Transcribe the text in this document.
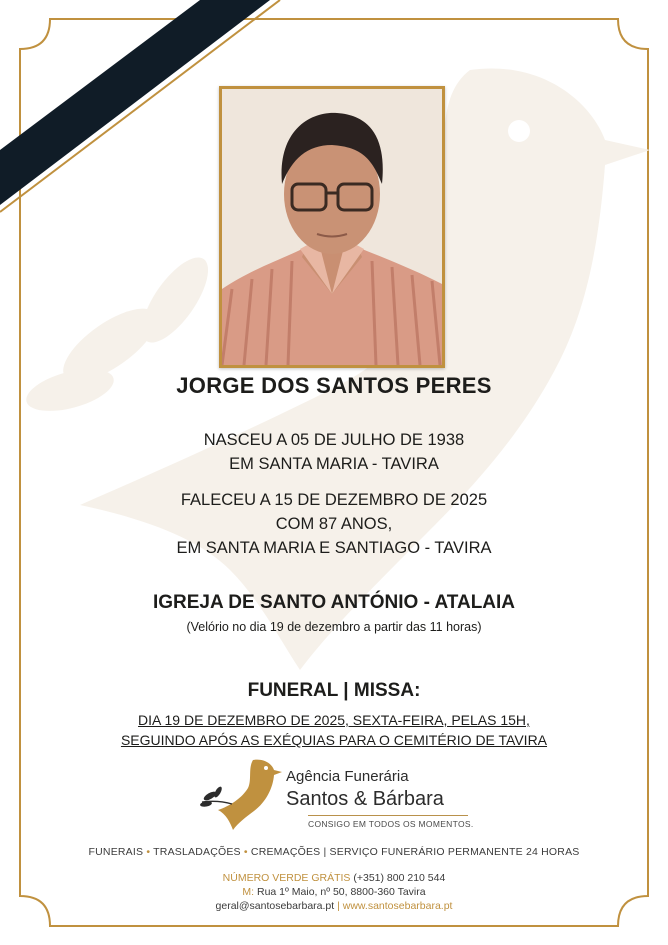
JORGE DOS SANTOS PERES
NASCEU A 05 DE JULHO DE 1938
EM SANTA MARIA - TAVIRA
FALECEU A 15 DE DEZEMBRO DE 2025
COM 87 ANOS,
EM SANTA MARIA E SANTIAGO - TAVIRA
IGREJA DE SANTO ANTÓNIO - ATALAIA
(Velório no dia 19 de dezembro a partir das 11 horas)
FUNERAL | MISSA:
DIA 19 DE DEZEMBRO DE 2025, SEXTA-FEIRA, PELAS 15H,
SEGUINDO APÓS AS EXÉQUIAS PARA O CEMITÉRIO DE TAVIRA
Agência Funerária
Santos & Bárbara
CONSIGO EM TODOS OS MOMENTOS.
FUNERAIS • TRASLADAÇÕES • CREMAÇÕES | SERVIÇO FUNERÁRIO PERMANENTE 24 HORAS
NÚMERO VERDE GRÁTIS (+351) 800 210 544
M: Rua 1º Maio, nº 50, 8800-360 Tavira
geral@santosebarbara.pt | www.santosebarbara.pt
